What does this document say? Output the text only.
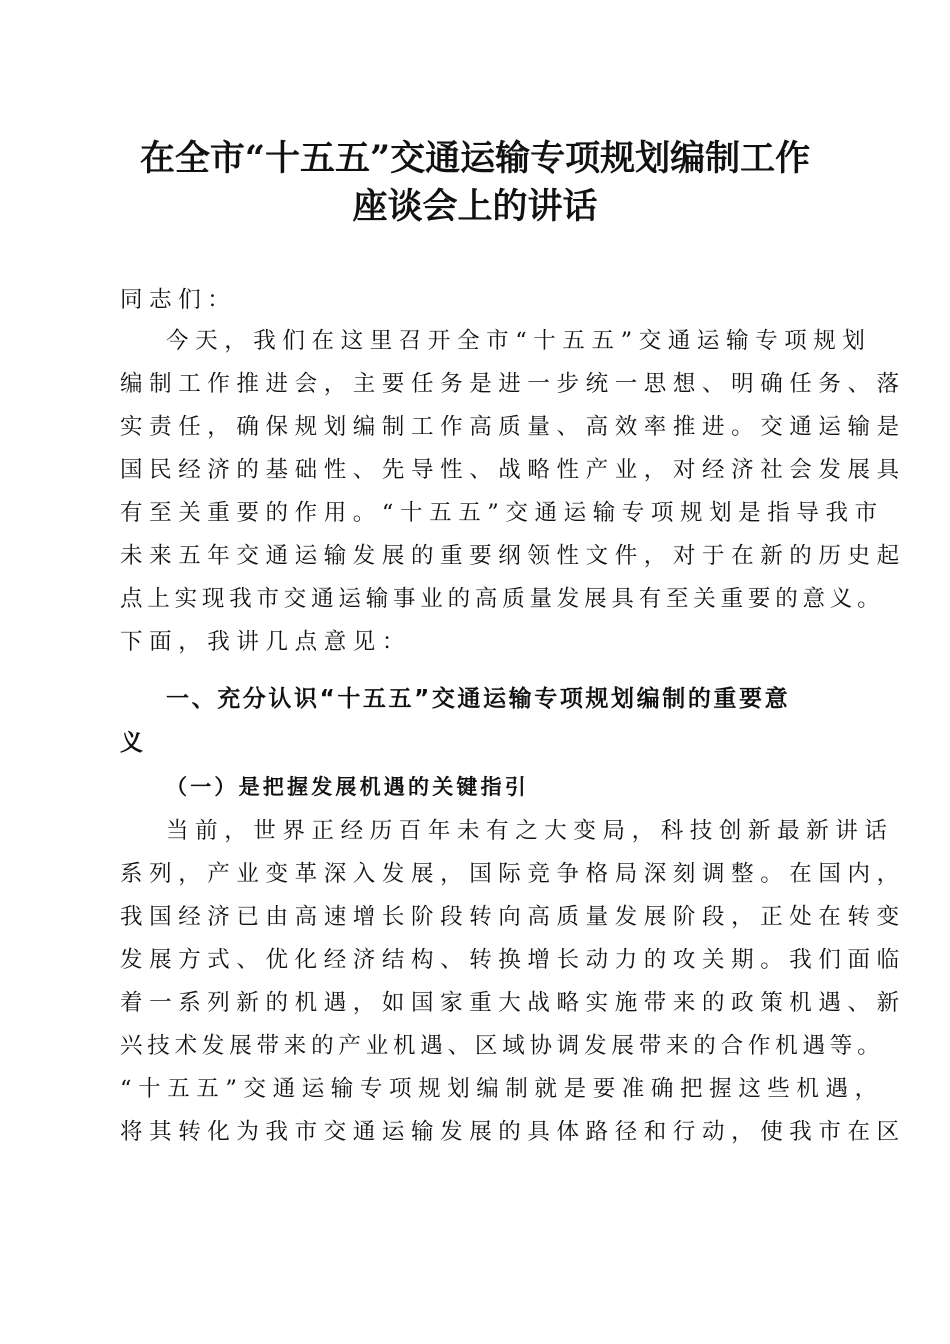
在全市“十五五”交通运输专项规划编制工作
座谈会上的讲话
同志们：
今天，我们在这里召开全市“十五五”交通运输专项规划
编制工作推进会，主要任务是进一步统一思想、明确任务、落
实责任，确保规划编制工作高质量、高效率推进。交通运输是
国民经济的基础性、先导性、战略性产业，对经济社会发展具
有至关重要的作用。“十五五”交通运输专项规划是指导我市
未来五年交通运输发展的重要纲领性文件，对于在新的历史起
点上实现我市交通运输事业的高质量发展具有至关重要的意义。
下面，我讲几点意见：
一、充分认识“十五五”交通运输专项规划编制的重要意
义
（一）是把握发展机遇的关键指引
当前，世界正经历百年未有之大变局，科技创新最新讲话
系列，产业变革深入发展，国际竞争格局深刻调整。在国内，
我国经济已由高速增长阶段转向高质量发展阶段，正处在转变
发展方式、优化经济结构、转换增长动力的攻关期。我们面临
着一系列新的机遇，如国家重大战略实施带来的政策机遇、新
兴技术发展带来的产业机遇、区域协调发展带来的合作机遇等。
“十五五”交通运输专项规划编制就是要准确把握这些机遇，
将其转化为我市交通运输发展的具体路径和行动，使我市在区
